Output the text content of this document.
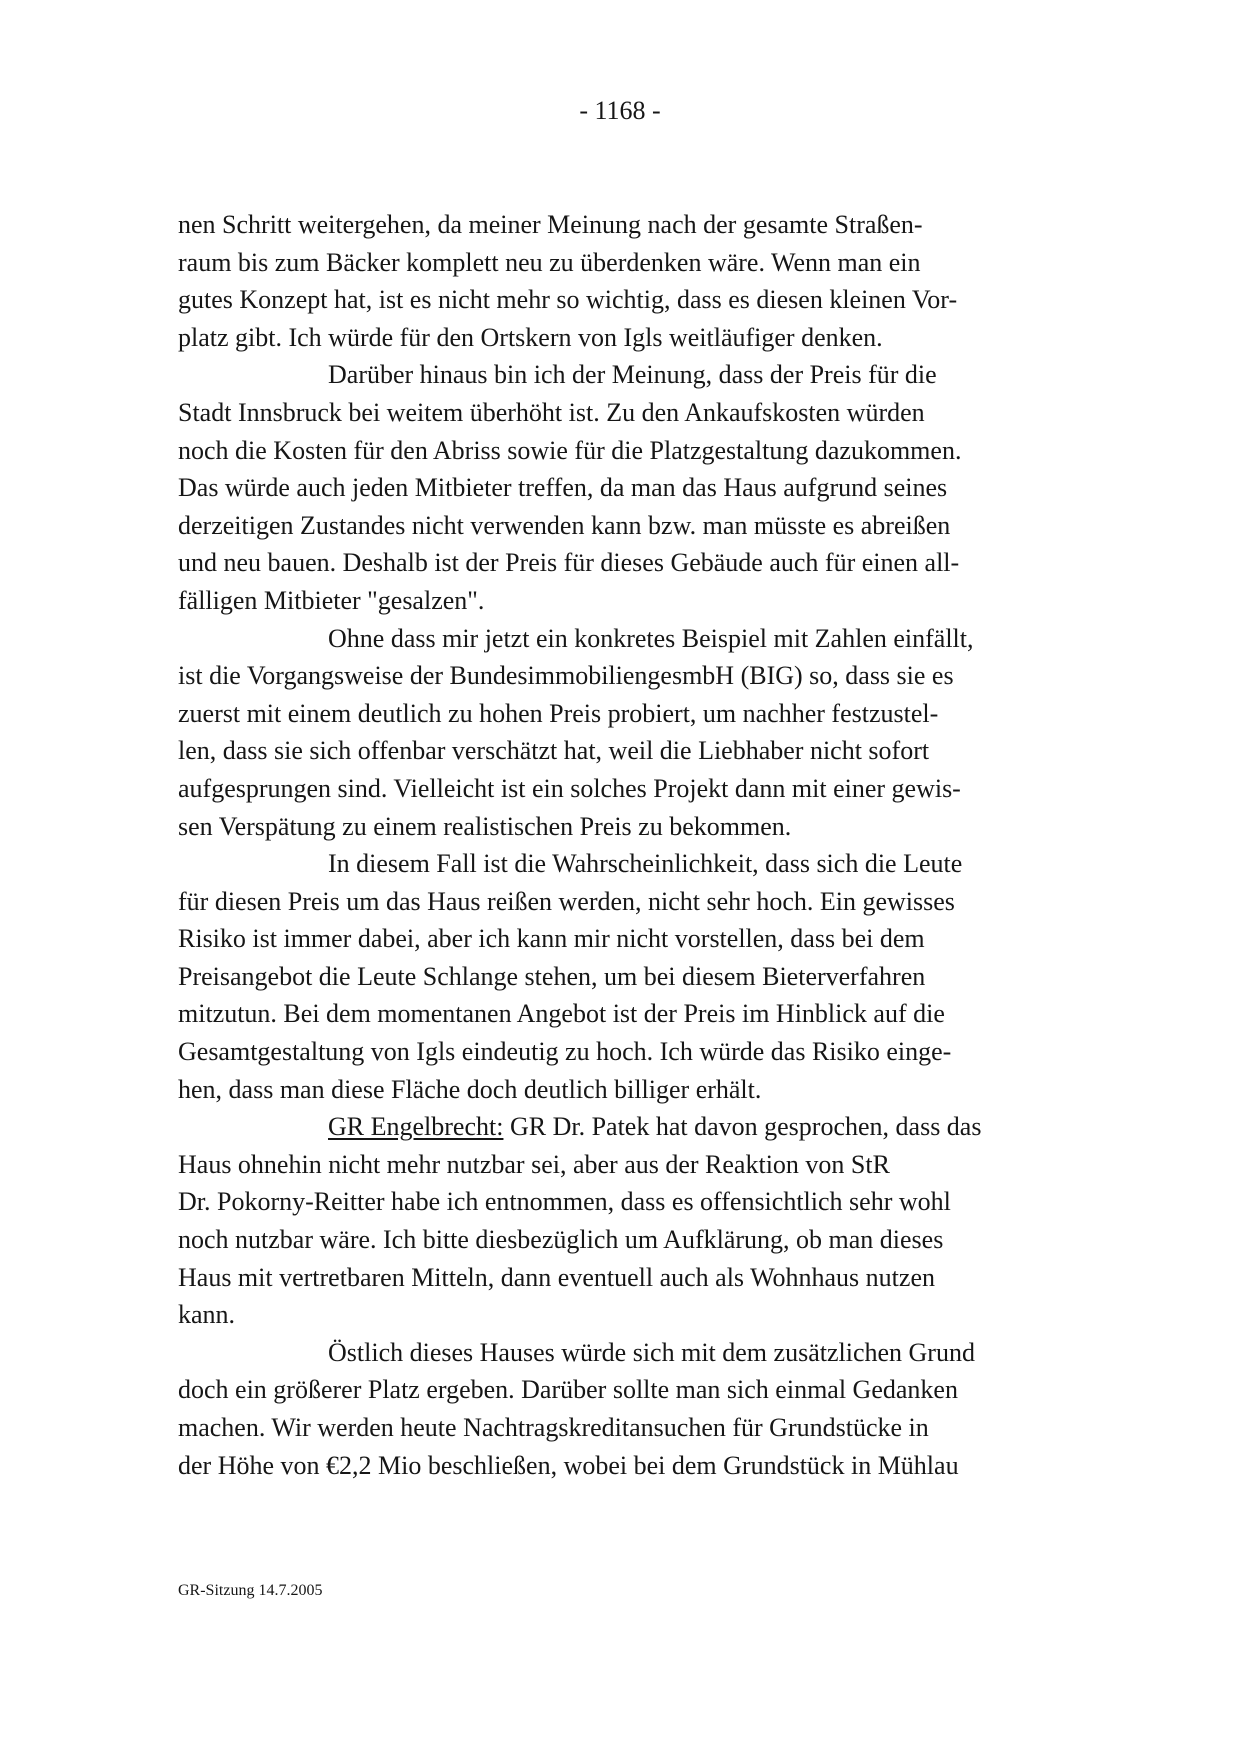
- 1168 -
nen Schritt weitergehen, da meiner Meinung nach der gesamte Straßen-
raum bis zum Bäcker komplett neu zu überdenken wäre. Wenn man ein
gutes Konzept hat, ist es nicht mehr so wichtig, dass es diesen kleinen Vor-
platz gibt. Ich würde für den Ortskern von Igls weitläufiger denken.
Darüber hinaus bin ich der Meinung, dass der Preis für die
Stadt Innsbruck bei weitem überhöht ist. Zu den Ankaufskosten würden
noch die Kosten für den Abriss sowie für die Platzgestaltung dazukommen.
Das würde auch jeden Mitbieter treffen, da man das Haus aufgrund seines
derzeitigen Zustandes nicht verwenden kann bzw. man müsste es abreißen
und neu bauen. Deshalb ist der Preis für dieses Gebäude auch für einen all-
fälligen Mitbieter "gesalzen".
Ohne dass mir jetzt ein konkretes Beispiel mit Zahlen einfällt,
ist die Vorgangsweise der BundesimmobiliengesmbH (BIG) so, dass sie es
zuerst mit einem deutlich zu hohen Preis probiert, um nachher festzustel-
len, dass sie sich offenbar verschätzt hat, weil die Liebhaber nicht sofort
aufgesprungen sind. Vielleicht ist ein solches Projekt dann mit einer gewis-
sen Verspätung zu einem realistischen Preis zu bekommen.
In diesem Fall ist die Wahrscheinlichkeit, dass sich die Leute
für diesen Preis um das Haus reißen werden, nicht sehr hoch. Ein gewisses
Risiko ist immer dabei, aber ich kann mir nicht vorstellen, dass bei dem
Preisangebot die Leute Schlange stehen, um bei diesem Bieterverfahren
mitzutun. Bei dem momentanen Angebot ist der Preis im Hinblick auf die
Gesamtgestaltung von Igls eindeutig zu hoch. Ich würde das Risiko einge-
hen, dass man diese Fläche doch deutlich billiger erhält.
GR Engelbrecht: GR Dr. Patek hat davon gesprochen, dass das
Haus ohnehin nicht mehr nutzbar sei, aber aus der Reaktion von StR
Dr. Pokorny-Reitter habe ich entnommen, dass es offensichtlich sehr wohl
noch nutzbar wäre. Ich bitte diesbezüglich um Aufklärung, ob man dieses
Haus mit vertretbaren Mitteln, dann eventuell auch als Wohnhaus nutzen
kann.
Östlich dieses Hauses würde sich mit dem zusätzlichen Grund
doch ein größerer Platz ergeben. Darüber sollte man sich einmal Gedanken
machen. Wir werden heute Nachtragskreditansuchen für Grundstücke in
der Höhe von €2,2 Mio beschließen, wobei bei dem Grundstück in Mühlau
GR-Sitzung 14.7.2005
